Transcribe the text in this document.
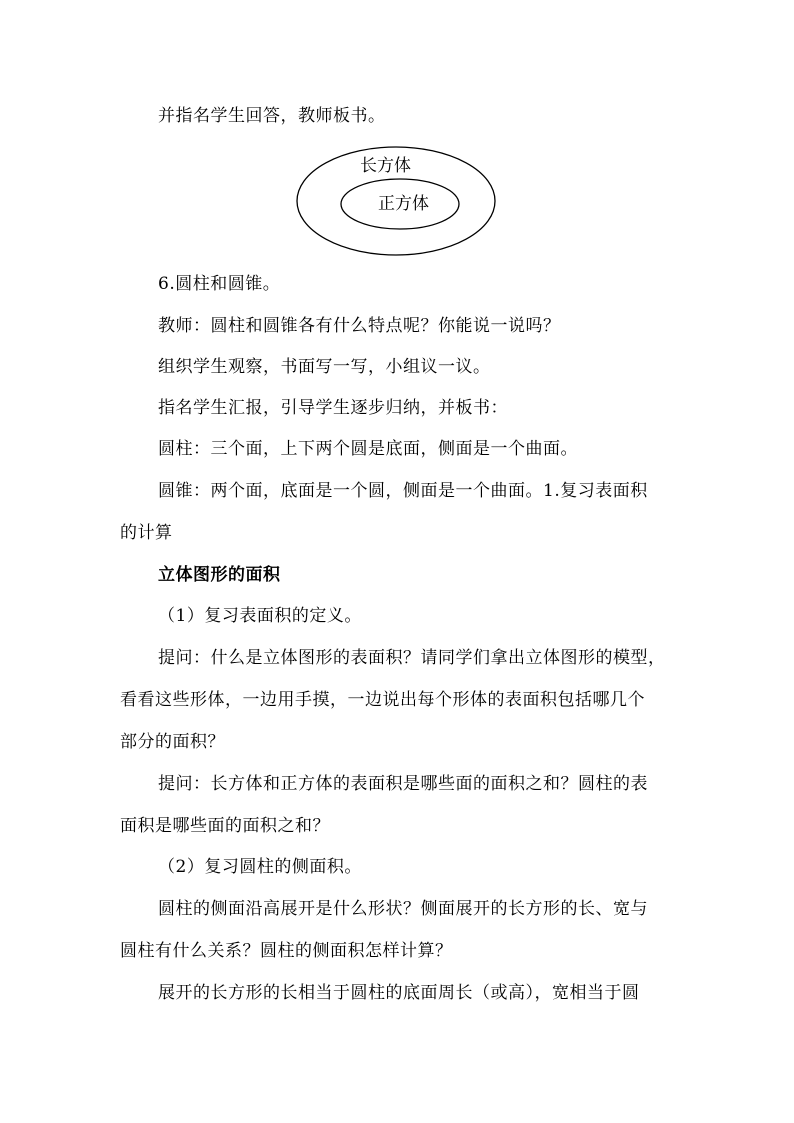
并指名学生回答，教师板书。
长方体
正方体
6.圆柱和圆锥。
教师：圆柱和圆锥各有什么特点呢？你能说一说吗？
组织学生观察，书面写一写，小组议一议。
指名学生汇报，引导学生逐步归纳，并板书：
圆柱：三个面，上下两个圆是底面，侧面是一个曲面。
圆锥：两个面，底面是一个圆，侧面是一个曲面。1.复习表面积
的计算
立体图形的面积
（1）复习表面积的定义。
提问：什么是立体图形的表面积？请同学们拿出立体图形的模型，
看看这些形体，一边用手摸，一边说出每个形体的表面积包括哪几个
部分的面积？
提问：长方体和正方体的表面积是哪些面的面积之和？圆柱的表
面积是哪些面的面积之和？
（2）复习圆柱的侧面积。
圆柱的侧面沿高展开是什么形状？侧面展开的长方形的长、宽与
圆柱有什么关系？圆柱的侧面积怎样计算？
展开的长方形的长相当于圆柱的底面周长（或高），宽相当于圆
